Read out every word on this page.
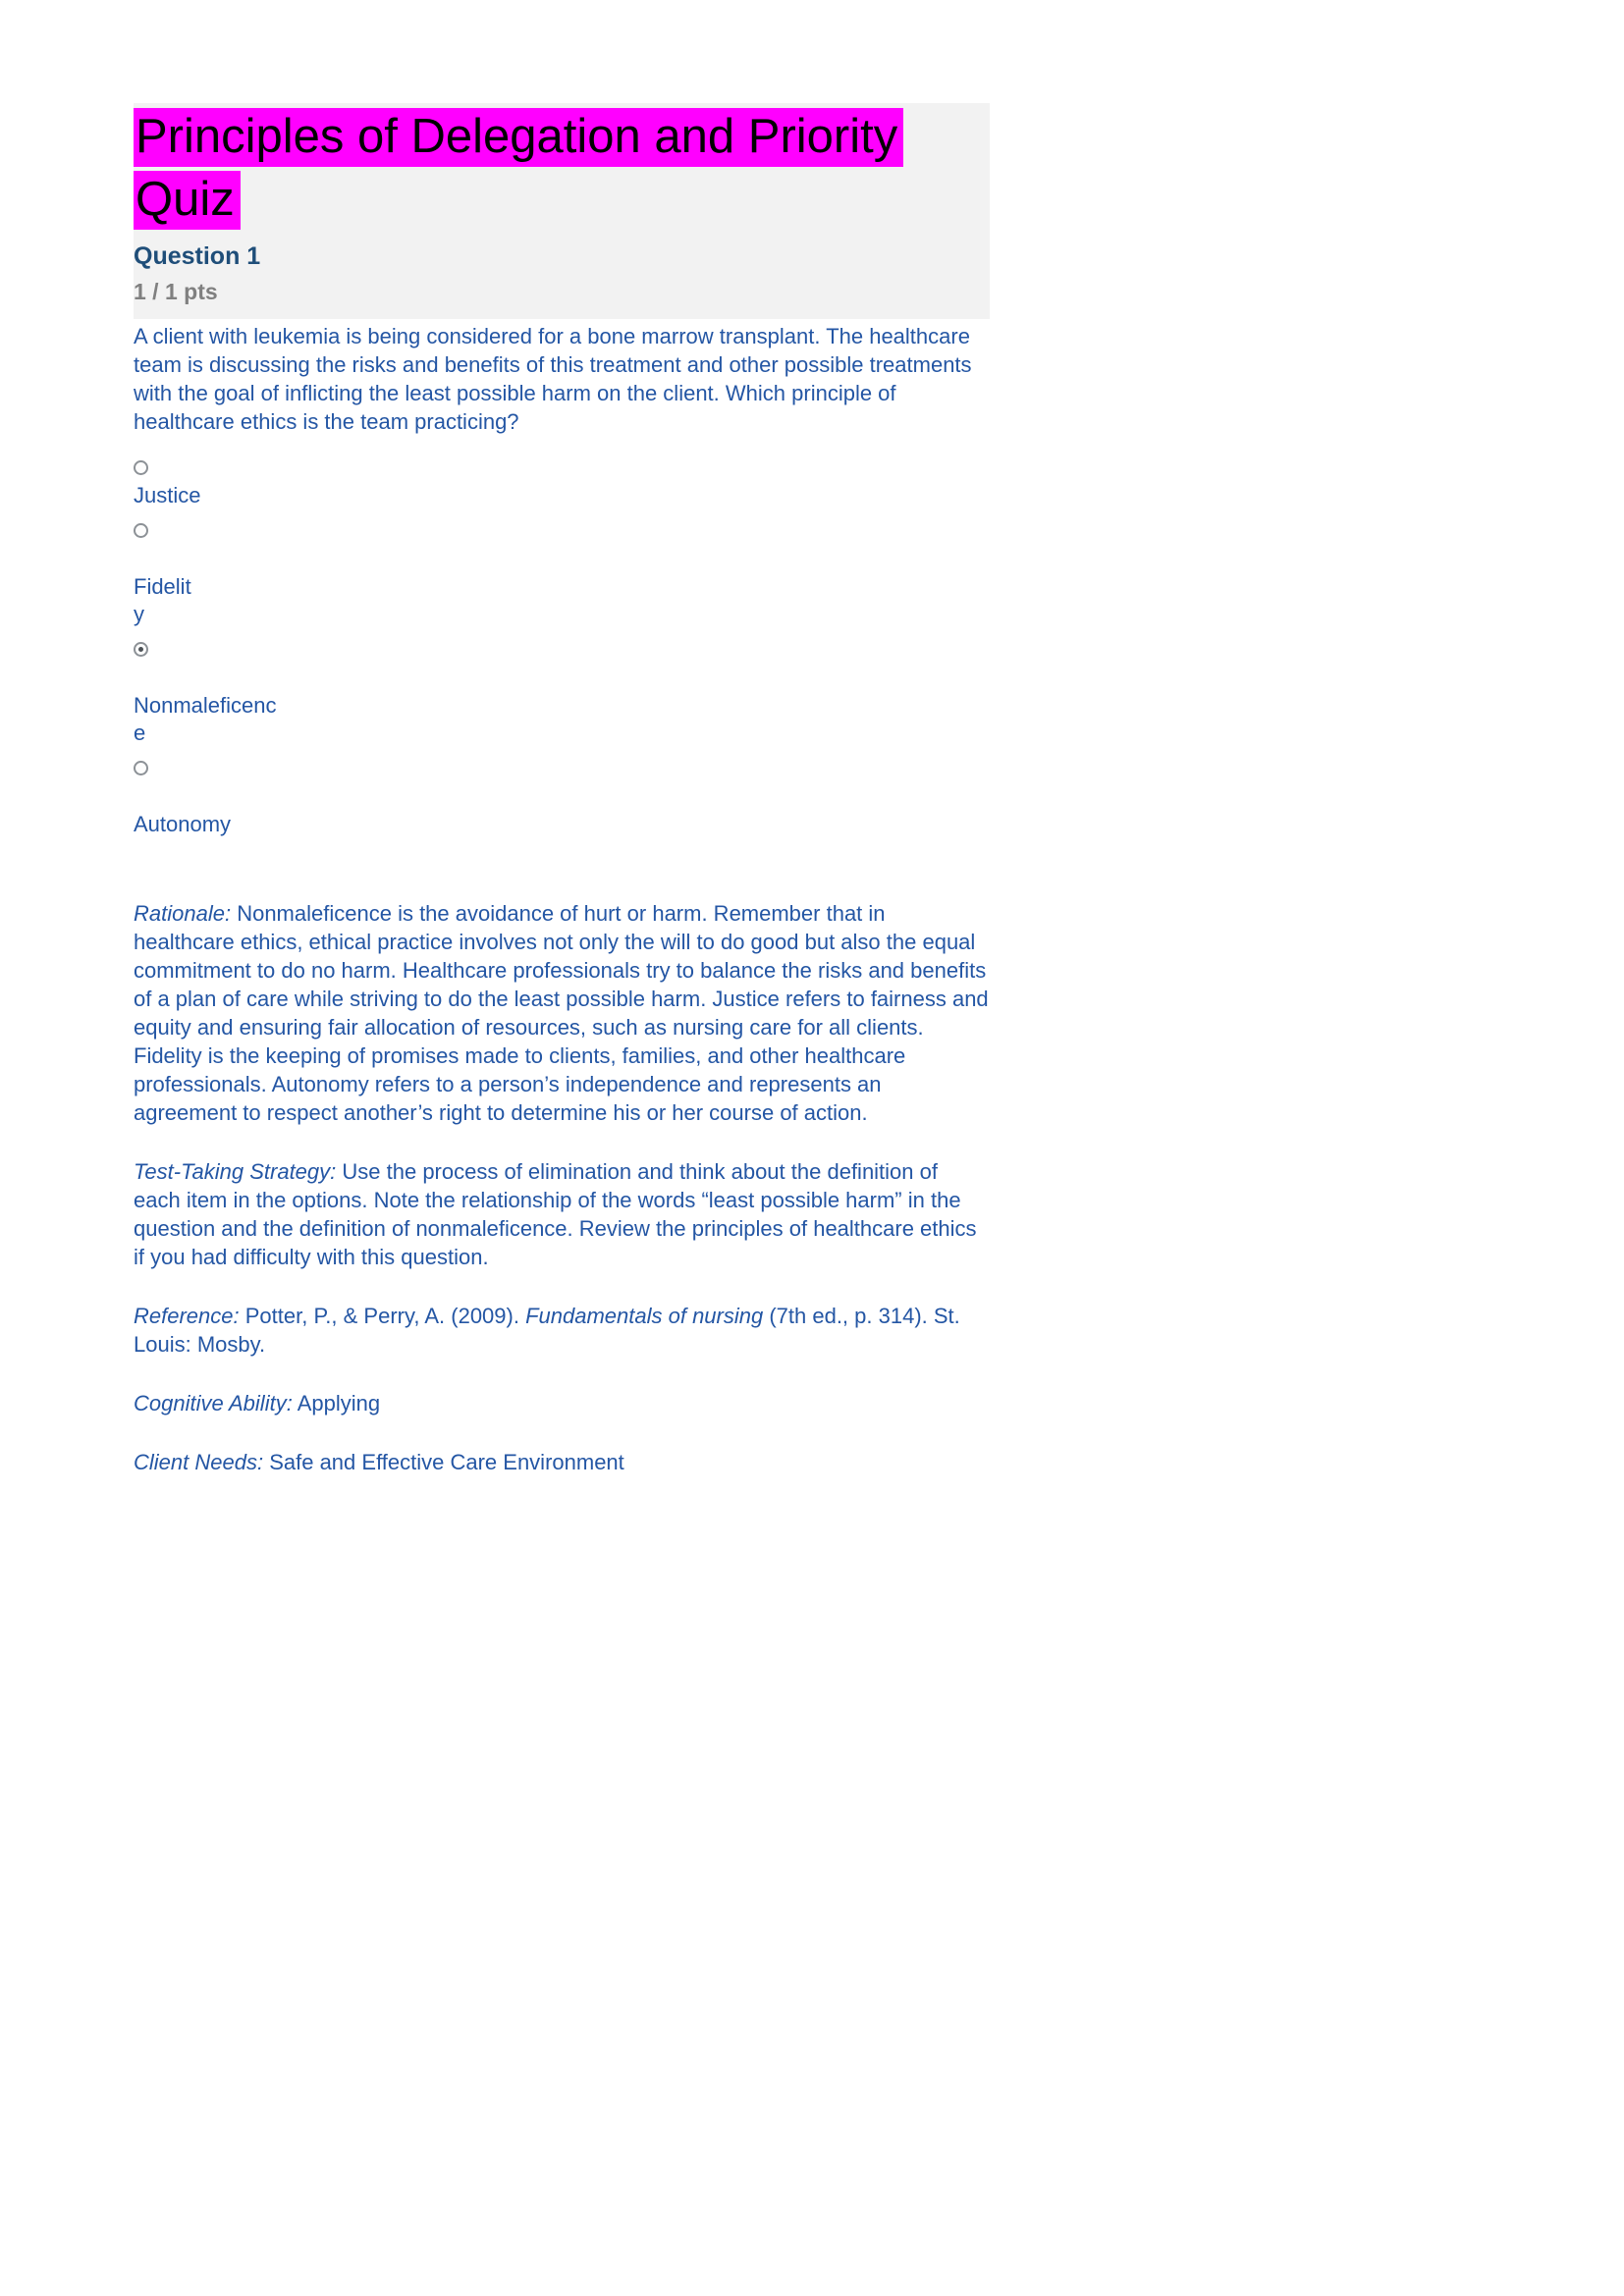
Principles of Delegation and Priority
Quiz
Question 1
1 / 1 pts
A client with leukemia is being considered for a bone marrow transplant. The healthcare team is discussing the risks and benefits of this treatment and other possible treatments with the goal of inflicting the least possible harm on the client. Which principle of healthcare ethics is the team practicing?
Justice
Fidelit
y
Nonmaleficenc
e
Autonomy

Rationale: Nonmaleficence is the avoidance of hurt or harm. Remember that in healthcare ethics, ethical practice involves not only the will to do good but also the equal commitment to do no harm. Healthcare professionals try to balance the risks and benefits of a plan of care while striving to do the least possible harm. Justice refers to fairness and equity and ensuring fair allocation of resources, such as nursing care for all clients. Fidelity is the keeping of promises made to clients, families, and other healthcare professionals. Autonomy refers to a person’s independence and represents an agreement to respect another’s right to determine his or her course of action.

Test-Taking Strategy: Use the process of elimination and think about the definition of each item in the options. Note the relationship of the words “least possible harm” in the question and the definition of nonmaleficence. Review the principles of healthcare ethics if you had difficulty with this question.

Reference: Potter, P., & Perry, A. (2009). Fundamentals of nursing (7th ed., p. 314). St. Louis: Mosby.

Cognitive Ability: Applying

Client Needs: Safe and Effective Care Environment
